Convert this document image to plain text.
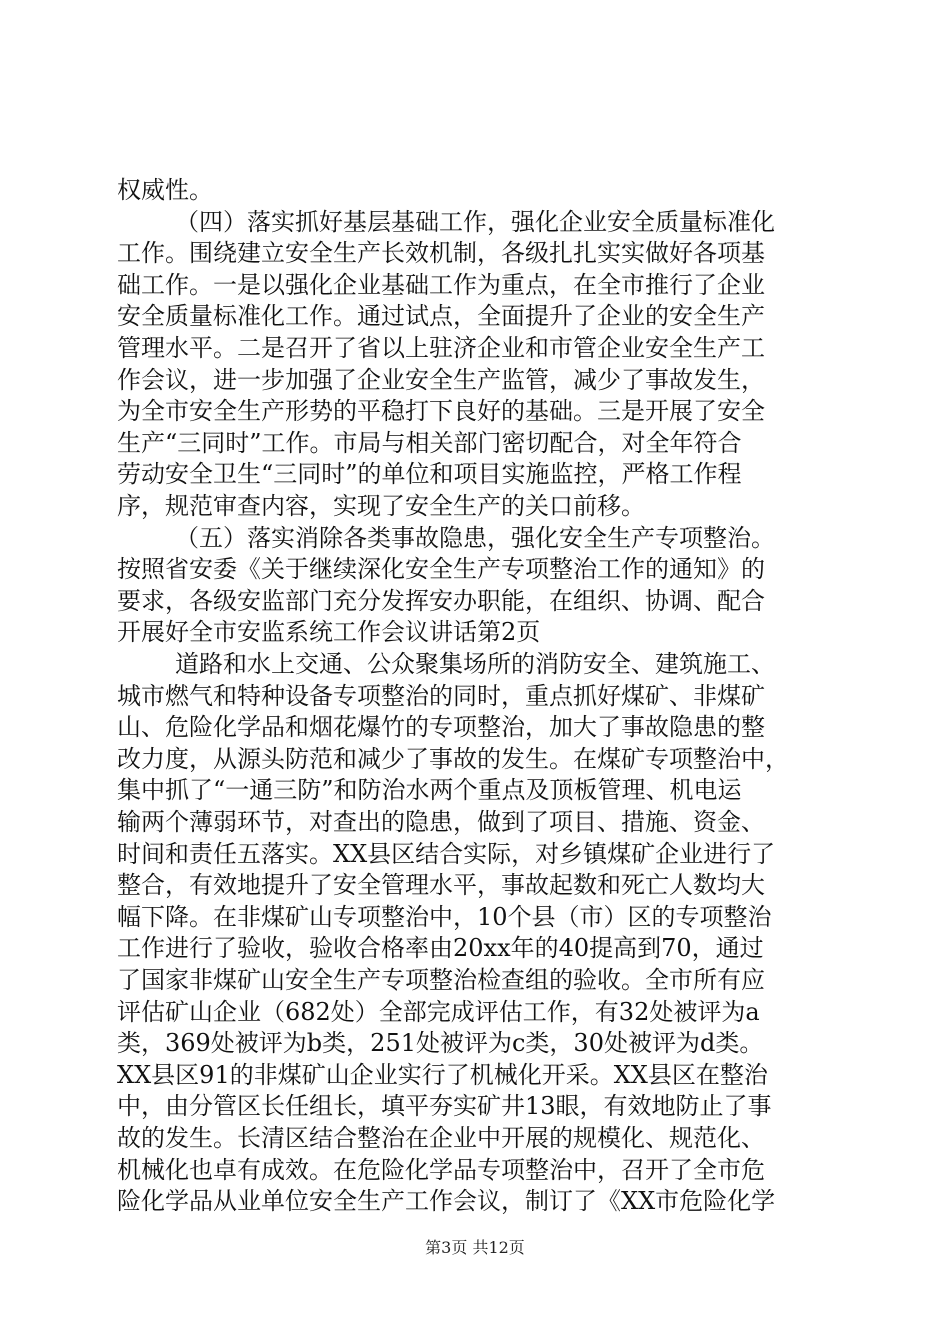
权威性。
（四）落实抓好基层基础工作，强化企业安全质量标准化
工作。围绕建立安全生产长效机制，各级扎扎实实做好各项基
础工作。一是以强化企业基础工作为重点，在全市推行了企业
安全质量标准化工作。通过试点，全面提升了企业的安全生产
管理水平。二是召开了省以上驻济企业和市管企业安全生产工
作会议，进一步加强了企业安全生产监管，减少了事故发生，
为全市安全生产形势的平稳打下良好的基础。三是开展了安全
生产“三同时”工作。市局与相关部门密切配合，对全年符合
劳动安全卫生“三同时”的单位和项目实施监控，严格工作程
序，规范审查内容，实现了安全生产的关口前移。
（五）落实消除各类事故隐患，强化安全生产专项整治。
按照省安委《关于继续深化安全生产专项整治工作的通知》的
要求，各级安监部门充分发挥安办职能，在组织、协调、配合
开展好全市安监系统工作会议讲话第2页
道路和水上交通、公众聚集场所的消防安全、建筑施工、
城市燃气和特种设备专项整治的同时，重点抓好煤矿、非煤矿
山、危险化学品和烟花爆竹的专项整治，加大了事故隐患的整
改力度，从源头防范和减少了事故的发生。在煤矿专项整治中，
集中抓了“一通三防”和防治水两个重点及顶板管理、机电运
输两个薄弱环节，对查出的隐患，做到了项目、措施、资金、
时间和责任五落实。XX县区结合实际，对乡镇煤矿企业进行了
整合，有效地提升了安全管理水平，事故起数和死亡人数均大
幅下降。在非煤矿山专项整治中，10个县（市）区的专项整治
工作进行了验收，验收合格率由20xx年的40提高到70，通过
了国家非煤矿山安全生产专项整治检查组的验收。全市所有应
评估矿山企业（682处）全部完成评估工作，有32处被评为a
类，369处被评为b类，251处被评为c类，30处被评为d类。
XX县区91的非煤矿山企业实行了机械化开采。XX县区在整治
中，由分管区长任组长，填平夯实矿井13眼，有效地防止了事
故的发生。长清区结合整治在企业中开展的规模化、规范化、
机械化也卓有成效。在危险化学品专项整治中，召开了全市危
险化学品从业单位安全生产工作会议，制订了《XX市危险化学
第3页 共12页
